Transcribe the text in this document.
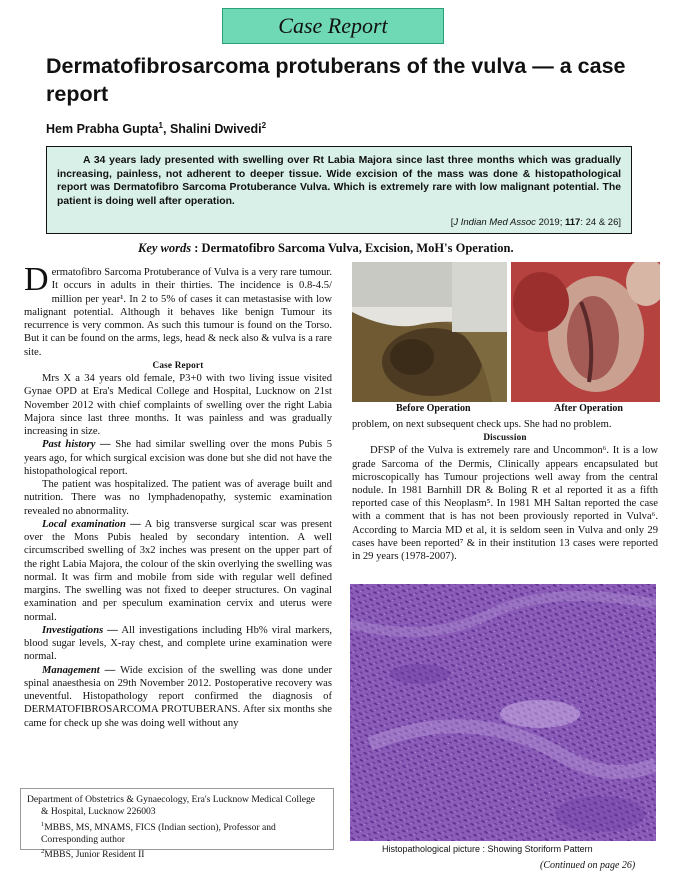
Case Report
Dermatofibrosarcoma protuberans of the vulva — a case report
Hem Prabha Gupta$^1$, Shalini Dwivedi$^2$
A 34 years lady presented with swelling over Rt Labia Majora since last three months which was gradually increasing, painless, not adherent to deeper tissue. Wide excision of the mass was done & histopathological report was Dermatofibro Sarcoma Protuberance Vulva. Which is extremely rare with low malignant potential. The patient is doing well after operation.
[J Indian Med Assoc 2019; 117: 24 & 26]
Key words : Dermatofibro Sarcoma Vulva, Excision, MoH's Operation.

Dermatofibro Sarcoma Protuberance of Vulva is a very rare tumour. It occurs in adults in their thirties. The incidence is 0.8-4.5/ million per year¹. In 2 to 5% of cases it can metastasise with low malignant potential. Although it behaves like benign Tumour its recurrence is very common. As such this tumour is found on the Torso. But it can be found on the arms, legs, head & neck also & vulva is a rare site.

Case Report

Mrs X a 34 years old female, P3+0 with two living issue visited Gynae OPD at Era's Medical College and Hospital, Lucknow on 21st November 2012 with chief complaints of swelling over the right Labia Majora since last three months. It was painless and was gradually increasing in size.

Past history — She had similar swelling over the mons Pubis 5 years ago, for which surgical excision was done but she did not have the histopathological report.

The patient was hospitalized. The patient was of average built and nutrition. There was no lymphadenopathy, systemic examination revealed no abnormality.

Local examination — A big transverse surgical scar was present over the Mons Pubis healed by secondary intention. A well circumscribed swelling of 3x2 inches was present on the upper part of the right Labia Majora, the colour of the skin overlying the swelling was normal. It was firm and mobile from side with regular well defined margins. The swelling was not fixed to deeper structures. On vaginal examination and per speculum examination cervix and uterus were normal.

Investigations — All investigations including Hb% viral markers, blood sugar levels, X-ray chest, and complete urine examination were normal.

Management — Wide excision of the swelling was done under spinal anaesthesia on 29th November 2012. Postoperative recovery was uneventful. Histopathology report confirmed the diagnosis of DERMATOFIBROSARCOMA PROTUBERANS. After six months she came for check up she was doing well without any

Department of Obstetrics & Gynaecology, Era's Lucknow Medical College
& Hospital, Lucknow 226003
$^1$MBBS, MS, MNAMS, FICS (Indian section), Professor and Corresponding author
$^2$MBBS, Junior Resident II
Before Operation	After Operation

problem, on next subsequent check ups. She had no problem.

Discussion

DFSP of the Vulva is extremely rare and Uncommon⁶. It is a low grade Sarcoma of the Dermis, Clinically appears encapsulated but microscopically has Tumour projections well away from the central nodule. In 1981 Barnhill DR & Boling R et al reported it as a fifth reported case of this Neoplasm⁵. In 1981 MH Saltan reported the case with a comment that is has not been proviously reported in Vulva⁶. According to Marcia MD et al, it is seldom seen in Vulva and only 29 cases have been reported⁷ & in their institution 13 cases were reported in 29 years (1978-2007).

Histopathological picture : Showing Storiform Pattern
(Continued on page 26)
